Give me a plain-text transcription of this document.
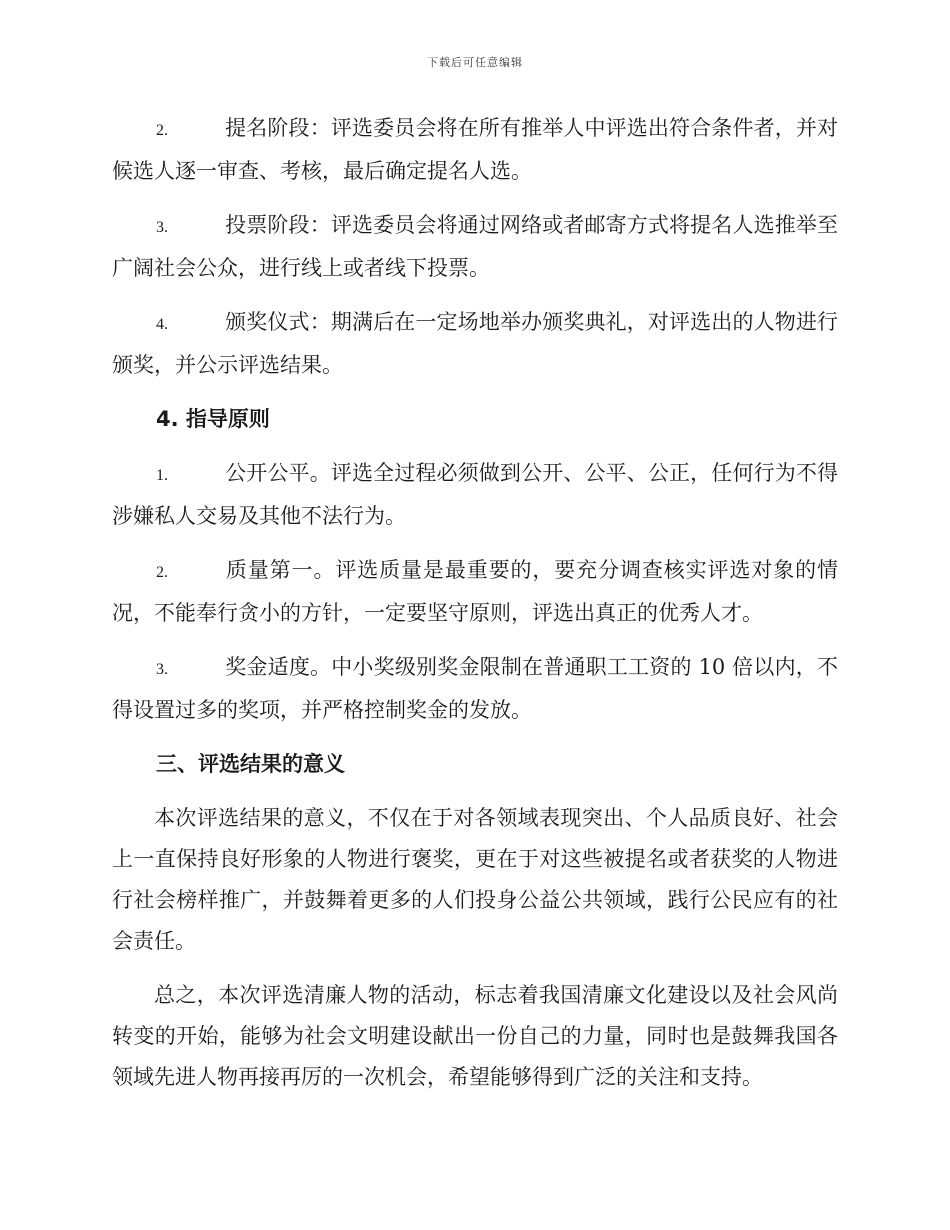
下载后可任意编辑
2.	提名阶段：评选委员会将在所有推举人中评选出符合条件者，并对候选人逐一审查、考核，最后确定提名人选。
3.	投票阶段：评选委员会将通过网络或者邮寄方式将提名人选推举至广阔社会公众，进行线上或者线下投票。
4.	颁奖仪式：期满后在一定场地举办颁奖典礼，对评选出的人物进行颁奖，并公示评选结果。
4. 指导原则
1.	公开公平。评选全过程必须做到公开、公平、公正，任何行为不得涉嫌私人交易及其他不法行为。
2.	质量第一。评选质量是最重要的，要充分调查核实评选对象的情况，不能奉行贪小的方针，一定要坚守原则，评选出真正的优秀人才。
3.	奖金适度。中小奖级别奖金限制在普通职工工资的 10 倍以内，不得设置过多的奖项，并严格控制奖金的发放。
三、评选结果的意义

本次评选结果的意义，不仅在于对各领域表现突出、个人品质良好、社会上一直保持良好形象的人物进行褒奖，更在于对这些被提名或者获奖的人物进行社会榜样推广，并鼓舞着更多的人们投身公益公共领域，践行公民应有的社会责任。

总之，本次评选清廉人物的活动，标志着我国清廉文化建设以及社会风尚转变的开始，能够为社会文明建设献出一份自己的力量，同时也是鼓舞我国各领域先进人物再接再厉的一次机会，希望能够得到广泛的关注和支持。
